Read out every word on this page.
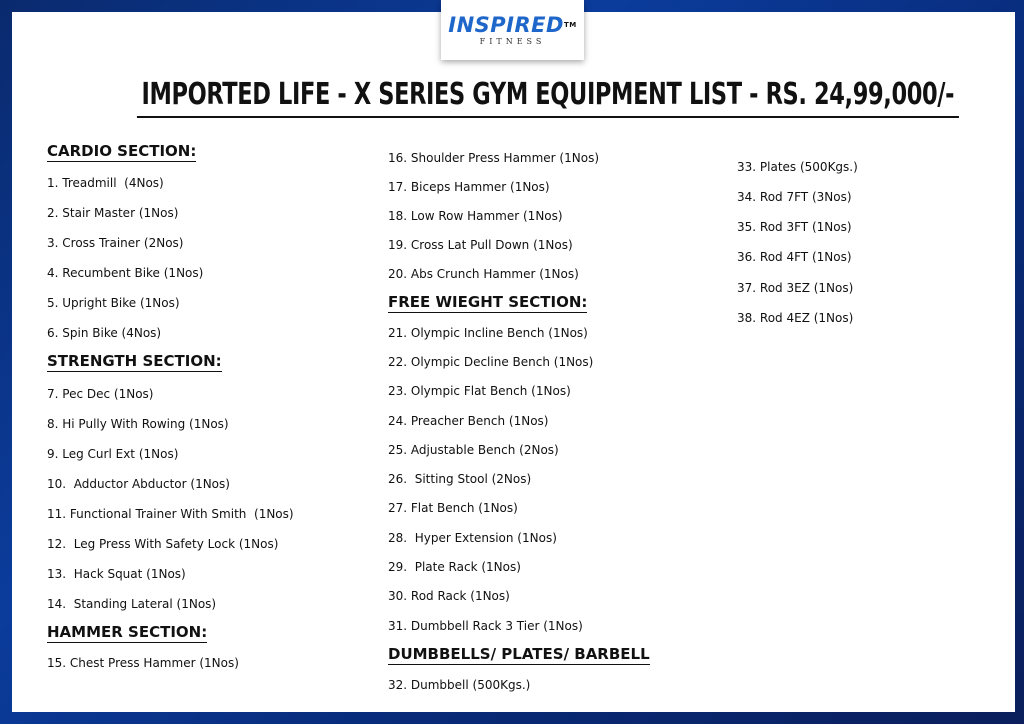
INSPIRED™
FITNESS
IMPORTED LIFE - X SERIES GYM EQUIPMENT LIST - RS. 24,99,000/-
CARDIO SECTION:

1. Treadmill  (4Nos)

2. Stair Master (1Nos)

3. Cross Trainer (2Nos)

4. Recumbent Bike (1Nos)

5. Upright Bike (1Nos)

6. Spin Bike (4Nos)

STRENGTH SECTION:

7. Pec Dec (1Nos)

8. Hi Pully With Rowing (1Nos)

9. Leg Curl Ext (1Nos)

10.  Adductor Abductor (1Nos)

11. Functional Trainer With Smith  (1Nos)

12.  Leg Press With Safety Lock (1Nos)

13.  Hack Squat (1Nos)

14.  Standing Lateral (1Nos)

HAMMER SECTION:

15. Chest Press Hammer (1Nos)

16. Shoulder Press Hammer (1Nos)

17. Biceps Hammer (1Nos)

18. Low Row Hammer (1Nos)

19. Cross Lat Pull Down (1Nos)

20. Abs Crunch Hammer (1Nos)

FREE WIEGHT SECTION:

21. Olympic Incline Bench (1Nos)

22. Olympic Decline Bench (1Nos)

23. Olympic Flat Bench (1Nos)

24. Preacher Bench (1Nos)

25. Adjustable Bench (2Nos)

26.  Sitting Stool (2Nos)

27. Flat Bench (1Nos)

28.  Hyper Extension (1Nos)

29.  Plate Rack (1Nos)

30. Rod Rack (1Nos)

31. Dumbbell Rack 3 Tier (1Nos)

DUMBBELLS/ PLATES/ BARBELL

32. Dumbbell (500Kgs.)

33. Plates (500Kgs.)

34. Rod 7FT (3Nos)

35. Rod 3FT (1Nos)

36. Rod 4FT (1Nos)

37. Rod 3EZ (1Nos)

38. Rod 4EZ (1Nos)
